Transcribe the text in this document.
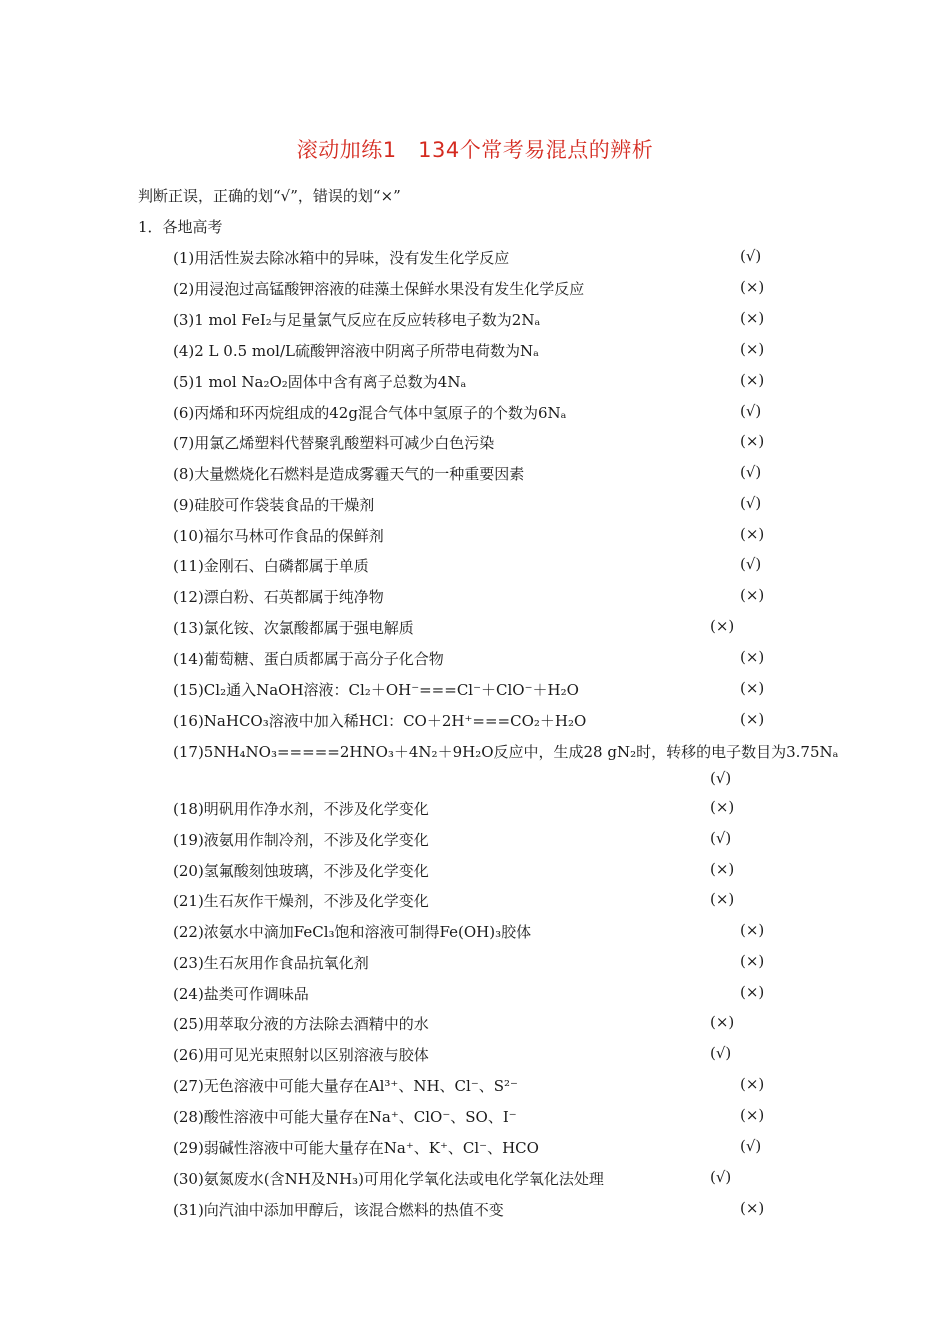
滚动加练1　134个常考易混点的辨析
判断正误，正确的划“√”，错误的划“×”
1．各地高考
(1)用活性炭去除冰箱中的异味，没有发生化学反应	(√)
(2)用浸泡过高锰酸钾溶液的硅藻土保鲜水果没有发生化学反应	(×)
(3)1 mol FeI₂与足量氯气反应在反应转移电子数为2Nₐ	(×)
(4)2 L 0.5 mol/L硫酸钾溶液中阴离子所带电荷数为Nₐ	(×)
(5)1 mol Na₂O₂固体中含有离子总数为4Nₐ	(×)
(6)丙烯和环丙烷组成的42g混合气体中氢原子的个数为6Nₐ	(√)
(7)用氯乙烯塑料代替聚乳酸塑料可减少白色污染	(×)
(8)大量燃烧化石燃料是造成雾霾天气的一种重要因素	(√)
(9)硅胶可作袋装食品的干燥剂	(√)
(10)福尔马林可作食品的保鲜剂	(×)
(11)金刚石、白磷都属于单质	(√)
(12)漂白粉、石英都属于纯净物	(×)
(13)氯化铵、次氯酸都属于强电解质	(×)
(14)葡萄糖、蛋白质都属于高分子化合物	(×)
(15)Cl₂通入NaOH溶液：Cl₂＋OH⁻===Cl⁻＋ClO⁻＋H₂O	(×)
(16)NaHCO₃溶液中加入稀HCl：CO＋2H⁺===CO₂＋H₂O	(×)
(17)5NH₄NO₃=====2HNO₃＋4N₂＋9H₂O反应中，生成28 gN₂时，转移的电子数目为3.75Nₐ
(√)
(18)明矾用作净水剂，不涉及化学变化	(×)
(19)液氨用作制冷剂，不涉及化学变化	(√)
(20)氢氟酸刻蚀玻璃，不涉及化学变化	(×)
(21)生石灰作干燥剂，不涉及化学变化	(×)
(22)浓氨水中滴加FeCl₃饱和溶液可制得Fe(OH)₃胶体	(×)
(23)生石灰用作食品抗氧化剂	(×)
(24)盐类可作调味品	(×)
(25)用萃取分液的方法除去酒精中的水	(×)
(26)用可见光束照射以区别溶液与胶体	(√)
(27)无色溶液中可能大量存在Al³⁺、NH、Cl⁻、S²⁻	(×)
(28)酸性溶液中可能大量存在Na⁺、ClO⁻、SO、I⁻	(×)
(29)弱碱性溶液中可能大量存在Na⁺、K⁺、Cl⁻、HCO	(√)
(30)氨氮废水(含NH及NH₃)可用化学氧化法或电化学氧化法处理	(√)
(31)向汽油中添加甲醇后，该混合燃料的热值不变	(×)
